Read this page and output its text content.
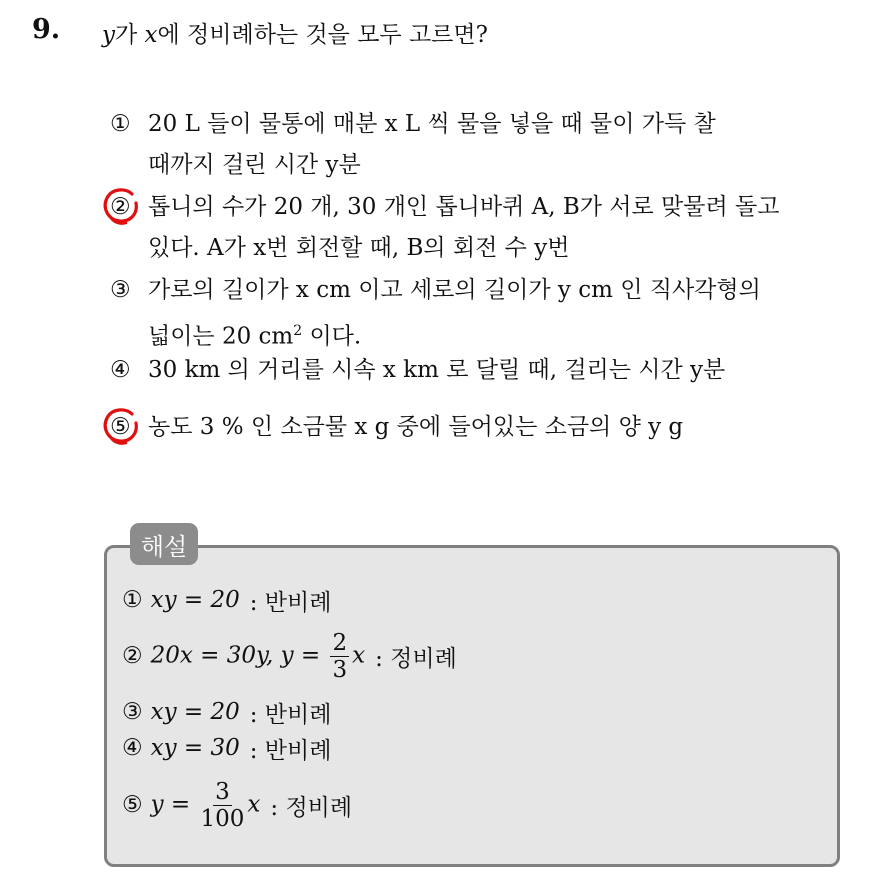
9. y가 x에 정비례하는 것을 모두 고르면?
① 20 L 들이 물통에 매분 x L 씩 물을 넣을 때 물이 가득 찰
때까지 걸린 시간 y분
② 톱니의 수가 20 개, 30 개인 톱니바퀴 A, B가 서로 맞물려 돌고
있다. A가 x번 회전할 때, B의 회전 수 y번
③ 가로의 길이가 x cm 이고 세로의 길이가 y cm 인 직사각형의
넓이는 20 $cm^2$ 이다.
④ 30 km 의 거리를 시속 x km 로 달릴 때, 걸리는 시간 y분
⑤ 농도 3 % 인 소금물 x g 중에 들어있는 소금의 양 y g
해설
① xy = 20 : 반비례
② 20x = 30y, $y = \frac{2}{3}$ x : 정비례
③ xy = 20 : 반비례
④ xy = 30 : 반비례
⑤ $y = \frac{3}{100}$ x : 정비례
